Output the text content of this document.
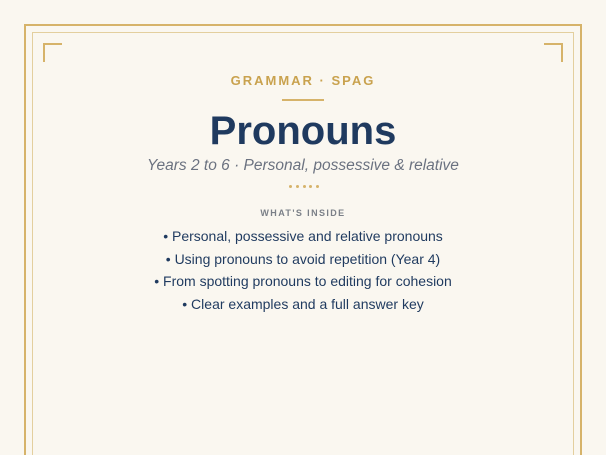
GRAMMAR · SPAG
Pronouns
Years 2 to 6 · Personal, possessive & relative
WHAT'S INSIDE
• Personal, possessive and relative pronouns
• Using pronouns to avoid repetition (Year 4)
• From spotting pronouns to editing for cohesion
• Clear examples and a full answer key
